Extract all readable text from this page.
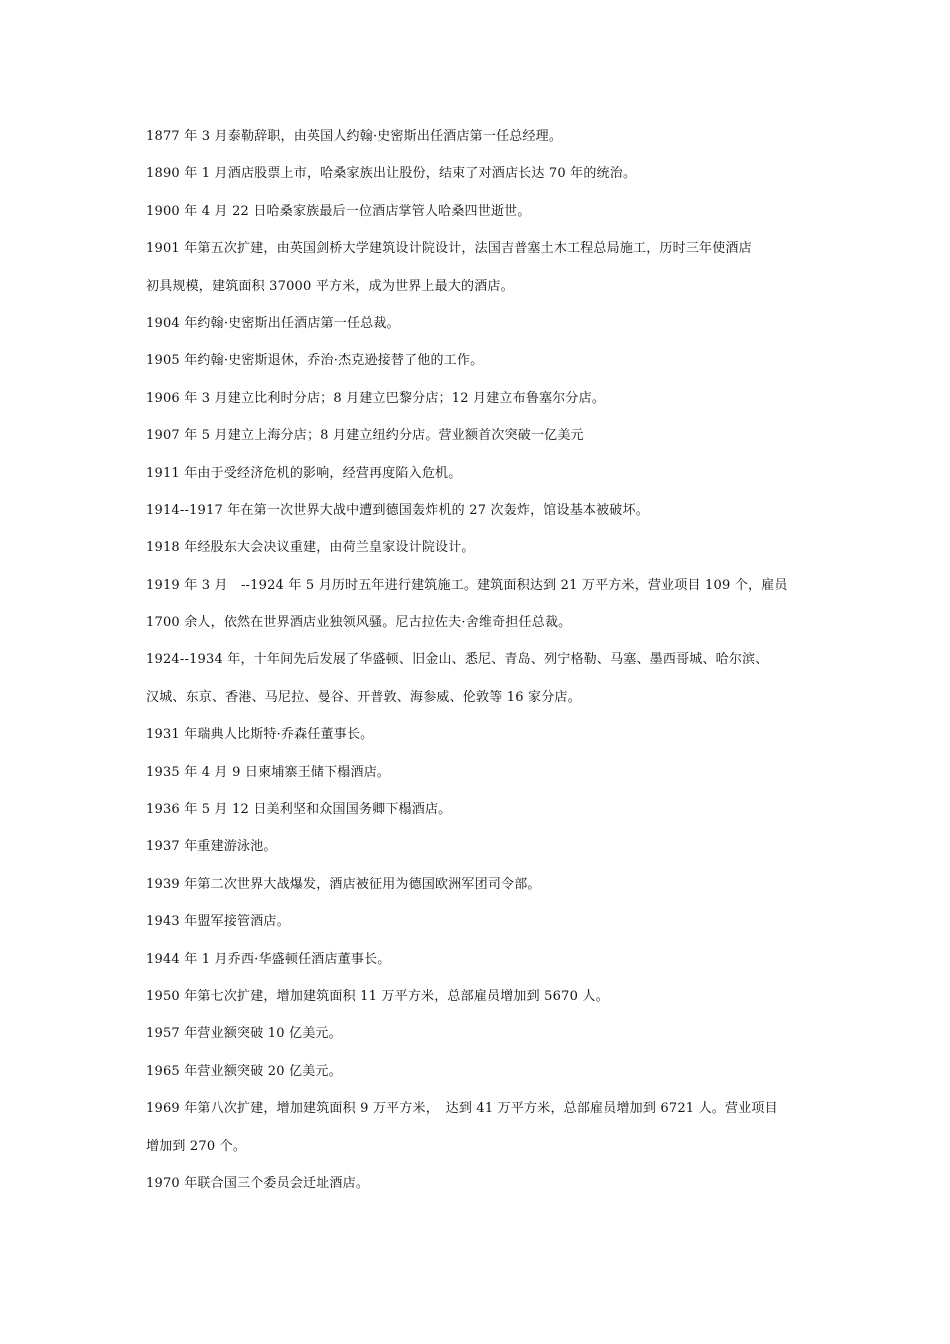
1877 年 3 月泰勒辞职，由英国人约翰·史密斯出任酒店第一任总经理。
1890 年 1 月酒店股票上市，哈桑家族出让股份，结束了对酒店长达 70 年的统治。
1900 年 4 月 22 日哈桑家族最后一位酒店掌管人哈桑四世逝世。
1901 年第五次扩建，由英国剑桥大学建筑设计院设计，法国吉普塞土木工程总局施工，历时三年使酒店
初具规模，建筑面积 37000 平方米，成为世界上最大的酒店。
1904 年约翰·史密斯出任酒店第一任总裁。
1905 年约翰·史密斯退休，乔治·杰克逊接替了他的工作。
1906 年 3 月建立比利时分店；8 月建立巴黎分店；12 月建立布鲁塞尔分店。
1907 年 5 月建立上海分店；8 月建立纽约分店。营业额首次突破一亿美元
1911 年由于受经济危机的影响，经营再度陷入危机。
1914--1917 年在第一次世界大战中遭到德国轰炸机的 27 次轰炸，馆设基本被破坏。
1918 年经股东大会决议重建，由荷兰皇家设计院设计。
1919 年 3 月　--1924 年 5 月历时五年进行建筑施工。建筑面积达到 21 万平方米，营业项目 109 个，雇员
1700 余人，依然在世界酒店业独领风骚。尼古拉佐夫·舍维奇担任总裁。
1924--1934 年，十年间先后发展了华盛顿、旧金山、悉尼、青岛、列宁格勒、马塞、墨西哥城、哈尔滨、
汉城、东京、香港、马尼拉、曼谷、开普敦、海参威、伦敦等 16 家分店。
1931 年瑞典人比斯特·乔森任董事长。
1935 年 4 月 9 日柬埔寨王储下榻酒店。
1936 年 5 月 12 日美利坚和众国国务卿下榻酒店。
1937 年重建游泳池。
1939 年第二次世界大战爆发，酒店被征用为德国欧洲军团司令部。
1943 年盟军接管酒店。
1944 年 1 月乔西·华盛顿任酒店董事长。
1950 年第七次扩建，增加建筑面积 11 万平方米，总部雇员增加到 5670 人。
1957 年营业额突破 10 亿美元。
1965 年营业额突破 20 亿美元。
1969 年第八次扩建，增加建筑面积 9 万平方米，　达到 41 万平方米，总部雇员增加到 6721 人。营业项目
增加到 270 个。
1970 年联合国三个委员会迁址酒店。
